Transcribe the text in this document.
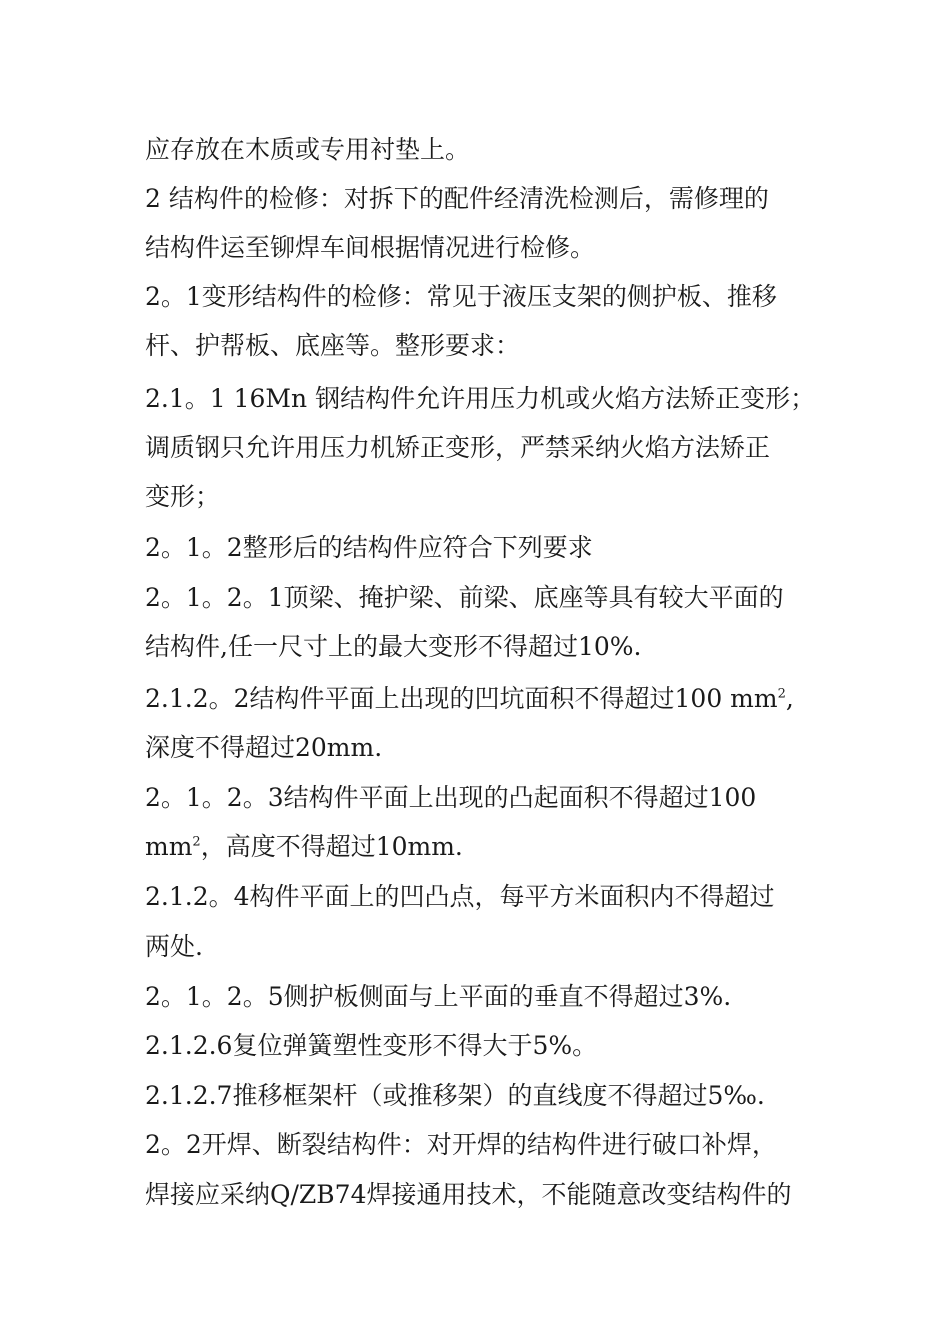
应存放在木质或专用衬垫上。
2 结构件的检修：对拆下的配件经清洗检测后，需修理的
结构件运至铆焊车间根据情况进行检修。
2。1变形结构件的检修：常见于液压支架的侧护板、推移
杆、护帮板、底座等。整形要求：
2.1。1 16Mn 钢结构件允许用压力机或火焰方法矫正变形；
调质钢只允许用压力机矫正变形，严禁采纳火焰方法矫正
变形；
2。1。2整形后的结构件应符合下列要求
2。1。2。1顶梁、掩护梁、前梁、底座等具有较大平面的
结构件,任一尺寸上的最大变形不得超过10%.
2.1.2。2结构件平面上出现的凹坑面积不得超过100 $mm^2$,
深度不得超过20mm.
2。1。2。3结构件平面上出现的凸起面积不得超过100
$mm^2$，高度不得超过10mm.
2.1.2。4构件平面上的凹凸点，每平方米面积内不得超过
两处.
2。1。2。5侧护板侧面与上平面的垂直不得超过3%.
2.1.2.6复位弹簧塑性变形不得大于5%。
2.1.2.7推移框架杆（或推移架）的直线度不得超过5‰.
2。2开焊、断裂结构件：对开焊的结构件进行破口补焊，
焊接应采纳Q/ZB74焊接通用技术，不能随意改变结构件的
